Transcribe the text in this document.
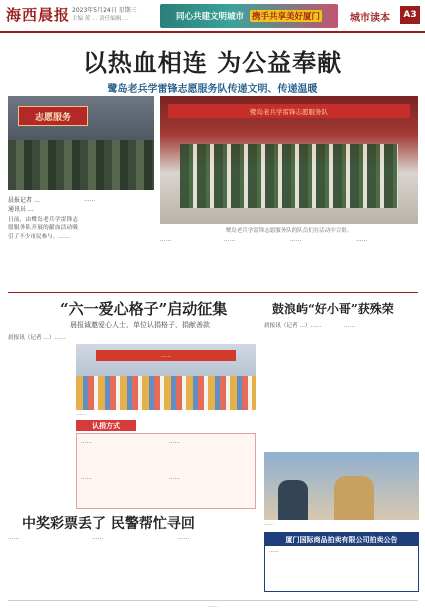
海西晨报 2023年5月24日 星期三
主编 黄 … 责任编辑 …	同心共建文明城市 携手共享美好厦门	城市读本	A3
以热血相连 为公益奉献
鹭岛老兵学雷锋志愿服务队传递文明、传递温暖
志愿服务
鹭岛老兵学雷锋志愿服务队
鹭岛老兵学雷锋志愿服务队的队员们在活动中合影。
晨报记者 …
通讯员 …
日前，由鹭岛老兵学雷锋志愿服务队开展的献血活动吸引了不少市民参与。……
……
……	……	……	……
“六一爱心格子”启动征集
晨报诚邀爱心人士、单位认捐格子，捐献善款
晨报讯（记者 …）……
……
……
认捐方式
……	……
……	……
鼓浪屿“好小哥”获殊荣
晨报讯（记者 …）……	……
……
中奖彩票丢了 民警帮忙寻回
……	……	……	厦门国际商品拍卖有限公司拍卖公告
……
……
